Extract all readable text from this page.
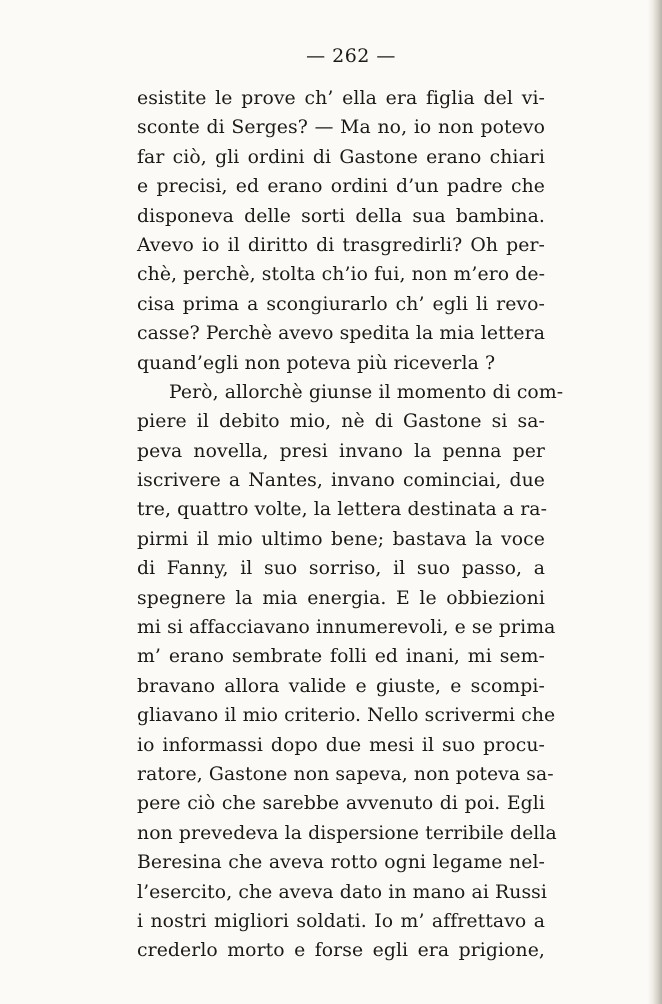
— 262 —
esistite le prove ch’ ella era figlia del vi-
sconte di Serges? — Ma no, io non potevo
far ciò, gli ordini di Gastone erano chiari
e precisi, ed erano ordini d’un padre che
disponeva delle sorti della sua bambina.
Avevo io il diritto di trasgredirli? Oh per-
chè, perchè, stolta ch’io fui, non m’ero de-
cisa prima a scongiurarlo ch’ egli li revo-
casse? Perchè avevo spedita la mia lettera
quand’egli non poteva più riceverla ?
Però, allorchè giunse il momento di com-
piere il debito mio, nè di Gastone si sa-
peva novella, presi invano la penna per
iscrivere a Nantes, invano cominciai, due
tre, quattro volte, la lettera destinata a ra-
pirmi il mio ultimo bene; bastava la voce
di Fanny, il suo sorriso, il suo passo, a
spegnere la mia energia. E le obbiezioni
mi si affacciavano innumerevoli, e se prima
m’ erano sembrate folli ed inani, mi sem-
bravano allora valide e giuste, e scompi-
gliavano il mio criterio. Nello scrivermi che
io informassi dopo due mesi il suo procu-
ratore, Gastone non sapeva, non poteva sa-
pere ciò che sarebbe avvenuto di poi. Egli
non prevedeva la dispersione terribile della
Beresina che aveva rotto ogni legame nel-
l’esercito, che aveva dato in mano ai Russi
i nostri migliori soldati. Io m’ affrettavo a
crederlo morto e forse egli era prigione,
